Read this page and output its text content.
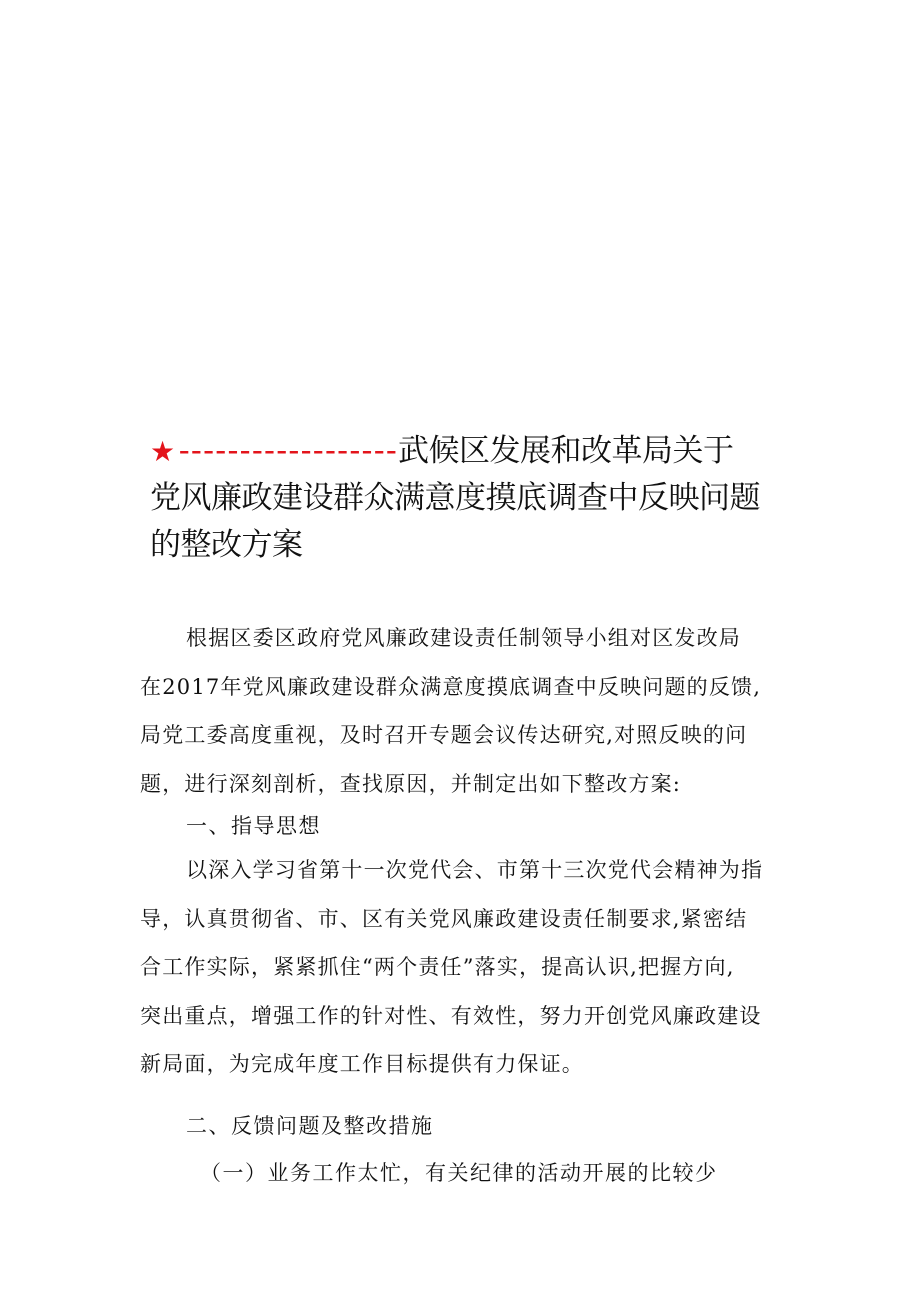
★ ------------------武候区发展和改革局关于
党风廉政建设群众满意度摸底调查中反映问题
的整改方案
根据区委区政府党风廉政建设责任制领导小组对区发改局
在2017年党风廉政建设群众满意度摸底调查中反映问题的反馈,
局党工委高度重视，及时召开专题会议传达研究,对照反映的问
题，进行深刻剖析，查找原因，并制定出如下整改方案:
一、指导思想
以深入学习省第十一次党代会、市第十三次党代会精神为指
导，认真贯彻省、市、区有关党风廉政建设责任制要求,紧密结
合工作实际，紧紧抓住“两个责任”落实，提高认识,把握方向,
突出重点，增强工作的针对性、有效性，努力开创党风廉政建设
新局面，为完成年度工作目标提供有力保证。
二、反馈问题及整改措施
（一）业务工作太忙，有关纪律的活动开展的比较少
